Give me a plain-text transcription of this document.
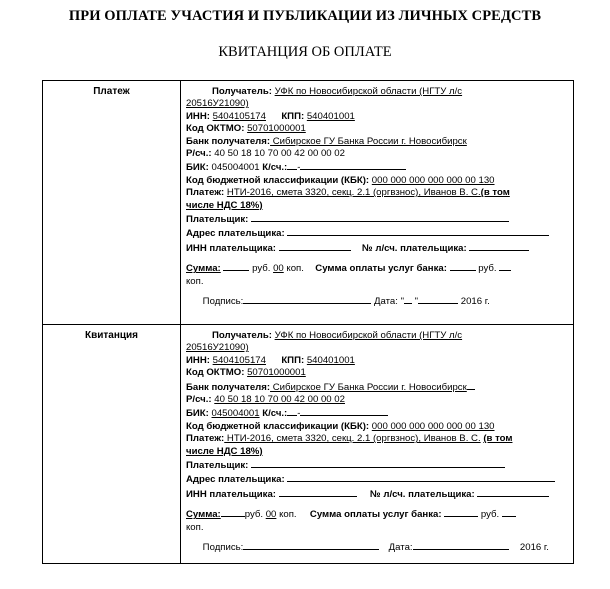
ПРИ ОПЛАТЕ УЧАСТИЯ И ПУБЛИКАЦИИ ИЗ ЛИЧНЫХ СРЕДСТВ
КВИТАНЦИЯ ОБ ОПЛАТЕ
Платеж	Получатель: УФК по Новосибирской области (НГТУ л/с
20516У21090)
ИНН: 5404105174 КПП: 540401001
Код ОКТМО: 50701000001
Банк получателя: Сибирское ГУ Банка России г. Новосибирск
Р/сч.: 40 50 18 10 70 00 42 00 00 02
БИК: 045004001 К/сч.: -
Код бюджетной классификации (КБК): 000 000 000 000 000 00 130
Платеж: НТИ-2016, смета 3320, секц. 2.1 (оргвзнос), Иванов В. С.(в том
числе НДС 18%)
Плательщик:
Адрес плательщика:
ИНН плательщика:	№ л/сч. плательщика:
Сумма:	руб. 00 коп. Сумма оплаты услуг банка:	руб.
коп.
Подпись:	Дата: " "	2016 г.
Квитанция	Получатель: УФК по Новосибирской области (НГТУ л/с
20516У21090)
ИНН: 5404105174 КПП: 540401001
Код ОКТМО: 50701000001
Банк получателя: Сибирское ГУ Банка России г. Новосибирск
Р/сч.: 40 50 18 10 70 00 42 00 00 02
БИК: 045004001 К/сч.: -
Код бюджетной классификации (КБК): 000 000 000 000 000 00 130
Платеж: НТИ-2016, смета 3320, секц. 2.1 (оргвзнос), Иванов В. С. (в том
числе НДС 18%)
Плательщик:
Адрес плательщика:
ИНН плательщика:	№ л/сч. плательщика:
Сумма:	руб. 00 коп. Сумма оплаты услуг банка:	руб.
коп.
Подпись:	Дата:	2016 г.
